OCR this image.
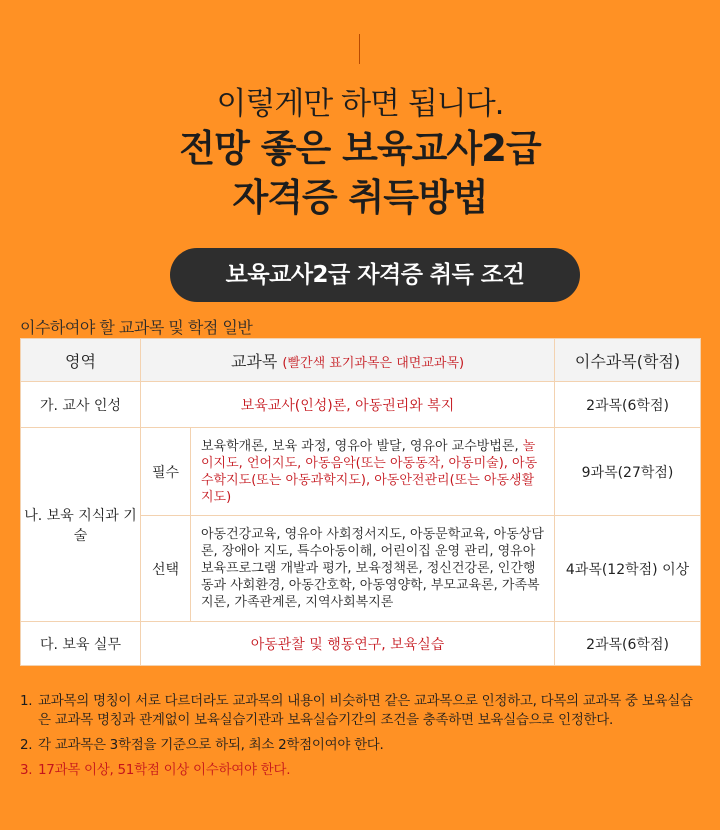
이렇게만 하면 됩니다.
전망 좋은 보육교사2급
자격증 취득방법
보육교사2급 자격증 취득 조건
이수하여야 할 교과목 및 학점 일반
영역	교과목 (빨간색 표기과목은 대면교과목)		이수과목(학점)
가. 교사 인성	보육교사(인성)론, 아동권리와 복지		2과목(6학점)
나. 보육 지식과 기술	필수	보육학개론, 보육 과정, 영유아 발달, 영유아 교수방법론, 놀이지도, 언어지도, 아동음악(또는 아동동작, 아동미술), 아동수학지도(또는 아동과학지도), 아동안전관리(또는 아동생활지도)	9과목(27학점)
	선택	아동건강교육, 영유아 사회정서지도, 아동문학교육, 아동상담론, 장애아 지도, 특수아동이해, 어린이집 운영 관리, 영유아 보육프로그램 개발과 평가, 보육정책론, 정신건강론, 인간행동과 사회환경, 아동간호학, 아동영양학, 부모교육론, 가족복지론, 가족관계론, 지역사회복지론	4과목(12학점) 이상
다. 보육 실무	아동관찰 및 행동연구, 보육실습		2과목(6학점)
1. 교과목의 명칭이 서로 다르더라도 교과목의 내용이 비슷하면 같은 교과목으로 인정하고, 다목의 교과목 중 보육실습은 교과목 명칭과 관계없이 보육실습기관과 보육실습기간의 조건을 충족하면 보육실습으로 인정한다.
2. 각 교과목은 3학점을 기준으로 하되, 최소 2학점이여야 한다.
3. 17과목 이상, 51학점 이상 이수하여야 한다.
